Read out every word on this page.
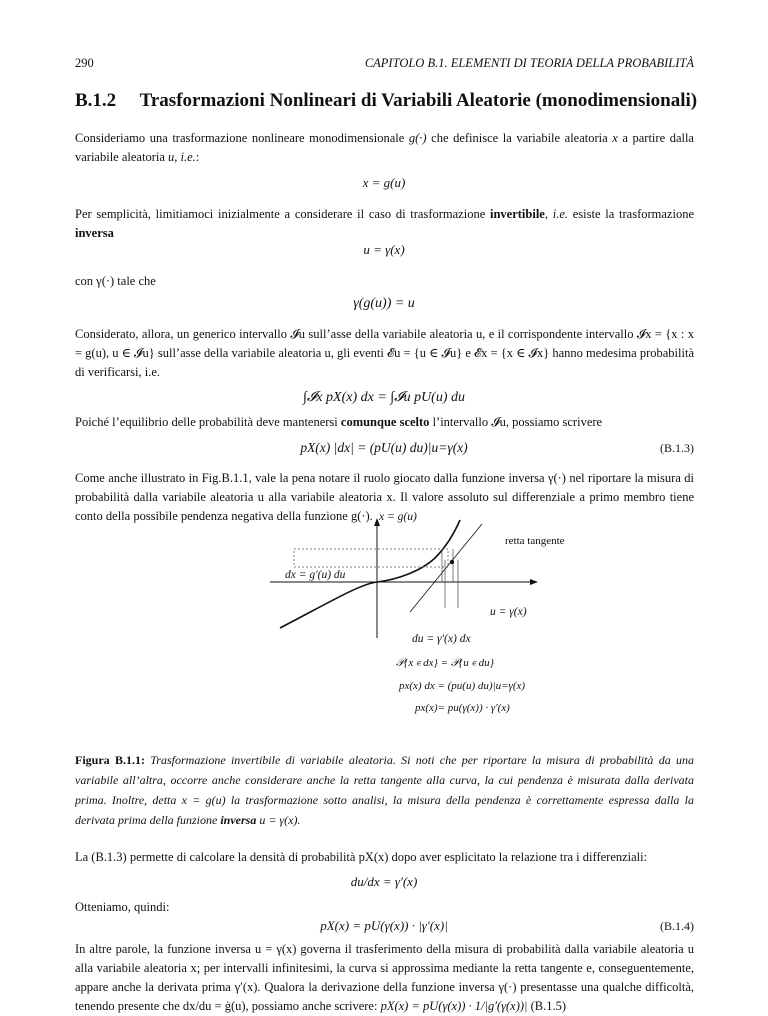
290	CAPITOLO B.1. ELEMENTI DI TEORIA DELLA PROBABILITÀ
B.1.2 Trasformazioni Nonlineari di Variabili Aleatorie (monodimensionali)
Consideriamo una trasformazione nonlineare monodimensionale g(·) che definisce la variabile aleatoria x a partire dalla variabile aleatoria u, i.e.:
x = g(u)
Per semplicità, limitiamoci inizialmente a considerare il caso di trasformazione invertibile, i.e. esiste la trasformazione inversa
u = γ(x)
con γ(·) tale che
γ(g(u)) = u
Considerato, allora, un generico intervallo 𝓘u sull’asse della variabile aleatoria u, e il corrispondente intervallo 𝓘x = {x : x = g(u), u ∈ 𝓘u} sull’asse della variabile aleatoria u, gli eventi 𝓔u = {u ∈ 𝓘u} e 𝓔x = {x ∈ 𝓘x} hanno medesima probabilità di verificarsi, i.e.
∫𝓘x pX(x) dx = ∫𝓘u pU(u) du
Poiché l’equilibrio delle probabilità deve mantenersi comunque scelto l’intervallo 𝓘u, possiamo scrivere
pX(x) |dx| = (pU(u) du)|u=γ(x)	(B.1.3)
Come anche illustrato in Fig.B.1.1, vale la pena notare il ruolo giocato dalla funzione inversa γ(·) nel riportare la misura di probabilità dalla variabile aleatoria u alla variabile aleatoria x. Il valore assoluto sul differenziale a primo membro tiene conto della possibile pendenza negativa della funzione g(·). x = g(u)
retta tangente
dx = g′(u) du
u = γ(x)
du = γ′(x) dx
𝒫{x ∊ dx} = 𝒫{u ∊ du}
px(x) dx = (pu(u) du)|u=γ(x)
px(x)= pu(γ(x)) · γ′(x)
Figura B.1.1: Trasformazione invertibile di variabile aleatoria. Si noti che per riportare la misura di probabilità da una variabile all’altra, occorre anche considerare anche la retta tangente alla curva, la cui pendenza è misurata dalla derivata prima. Inoltre, detta x = g(u) la trasformazione sotto analisi, la misura della pendenza è correttamente espressa dalla la derivata prima della funzione inversa u = γ(x).
La (B.1.3) permette di calcolare la densità di probabilità pX(x) dopo aver esplicitato la relazione tra i differenziali:
du/dx = γ′(x)
Otteniamo, quindi:
pX(x) = pU(γ(x)) · |γ′(x)|	(B.1.4)
In altre parole, la funzione inversa u = γ(x) governa il trasferimento della misura di probabilità dalla variabile aleatoria u alla variabile aleatoria x; per intervalli infinitesimi, la curva si approssima mediante la retta tangente e, conseguentemente, appare anche la derivata prima γ′(x). Qualora la derivazione della funzione inversa γ(·) presentasse una qualche difficoltà, tenendo presente che dx/du = ġ(u), possiamo anche scrivere: pX(x) = pU(γ(x)) · 1/|g′(γ(x))| (B.1.5)
